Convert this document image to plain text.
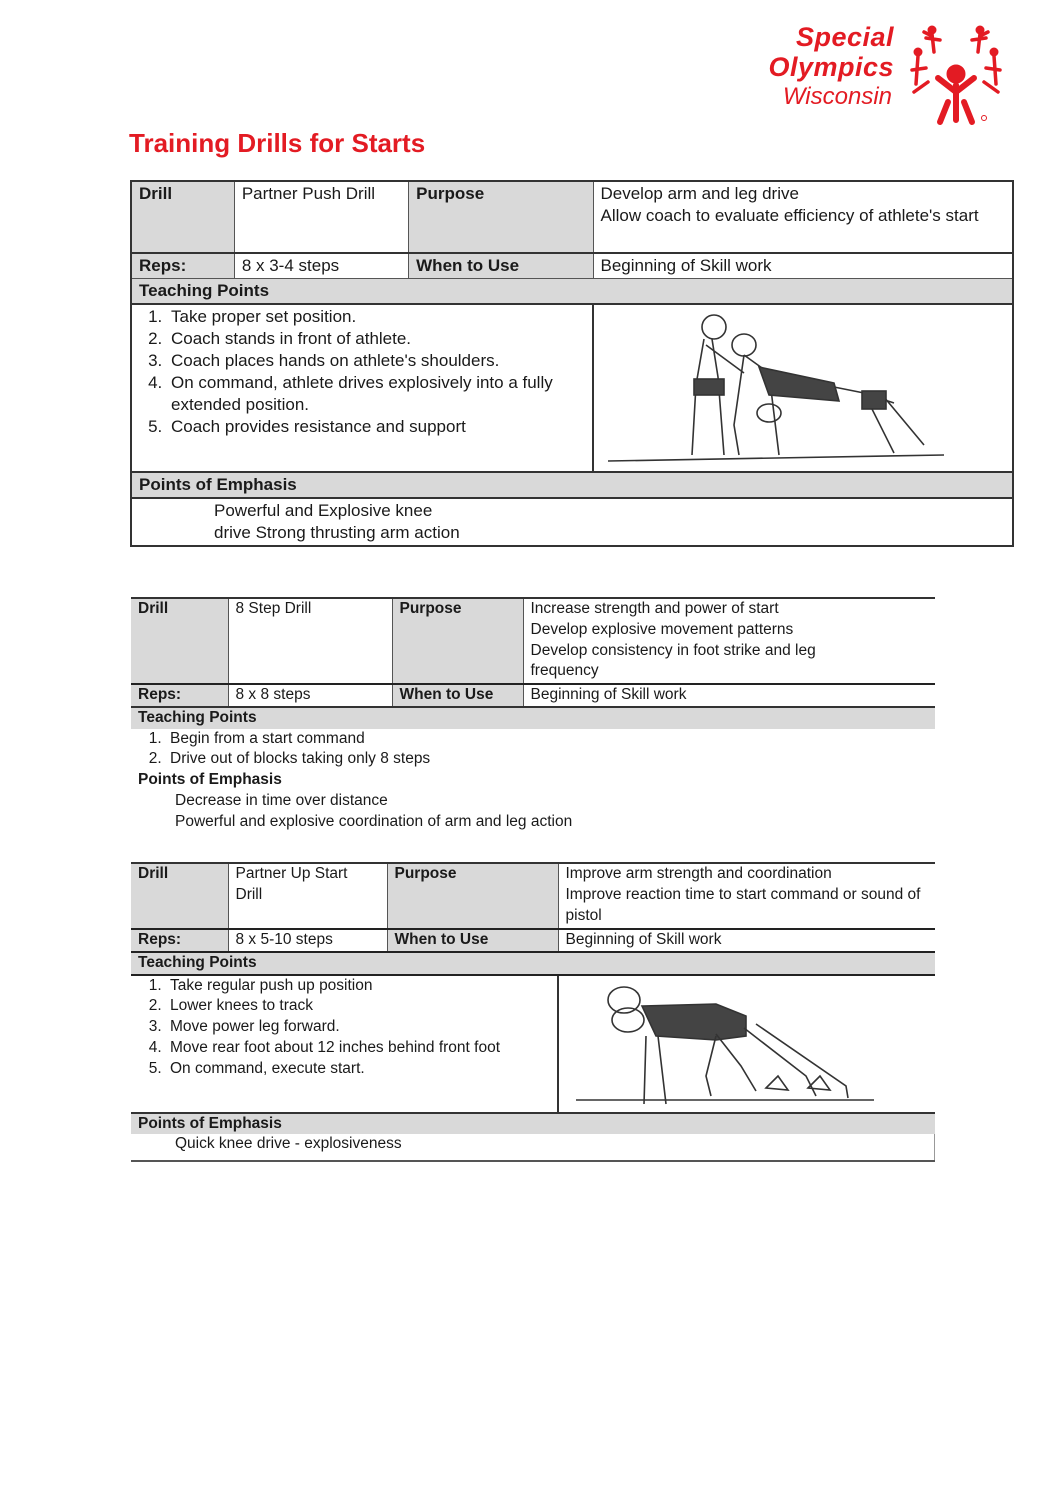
Special
Olympics
Wisconsin
Training Drills for Starts
Drill	Partner Push Drill	Purpose	Develop arm and leg drive
Allow coach to evaluate efficiency of athlete's start

Reps:	8 x 3-4 steps	When to Use	Beginning of Skill work
Teaching Points			

1. Take proper set position.
2. Coach stands in front of athlete.
3. Coach places hands on athlete's shoulders.
4. On command, athlete drives explosively into a fully extended position.
5. Coach provides resistance and support

Points of Emphasis			

Powerful and Explosive knee
drive Strong thrusting arm action			
Drill	8 Step Drill	Purpose	Increase strength and power of start
Develop explosive movement patterns
Develop consistency in foot strike and leg frequency

Reps:	8 x 8 steps	When to Use	Beginning of Skill work
Teaching Points			

1. Begin from a start command
2. Drive out of blocks taking only 8 steps

Points of Emphasis			

Decrease in time over distance
Powerful and explosive coordination of arm and leg action			
Drill	Partner Up Start Drill	Purpose	Improve arm strength and coordination
Improve reaction time to start command or sound of pistol

Reps:	8 x 5-10 steps	When to Use	Beginning of Skill work
Teaching Points			

1. Take regular push up position
2. Lower knees to track
3. Move power leg forward.
4. Move rear foot about 12 inches behind front foot
5. On command, execute start.

Points of Emphasis			

Quick knee drive - explosiveness			
